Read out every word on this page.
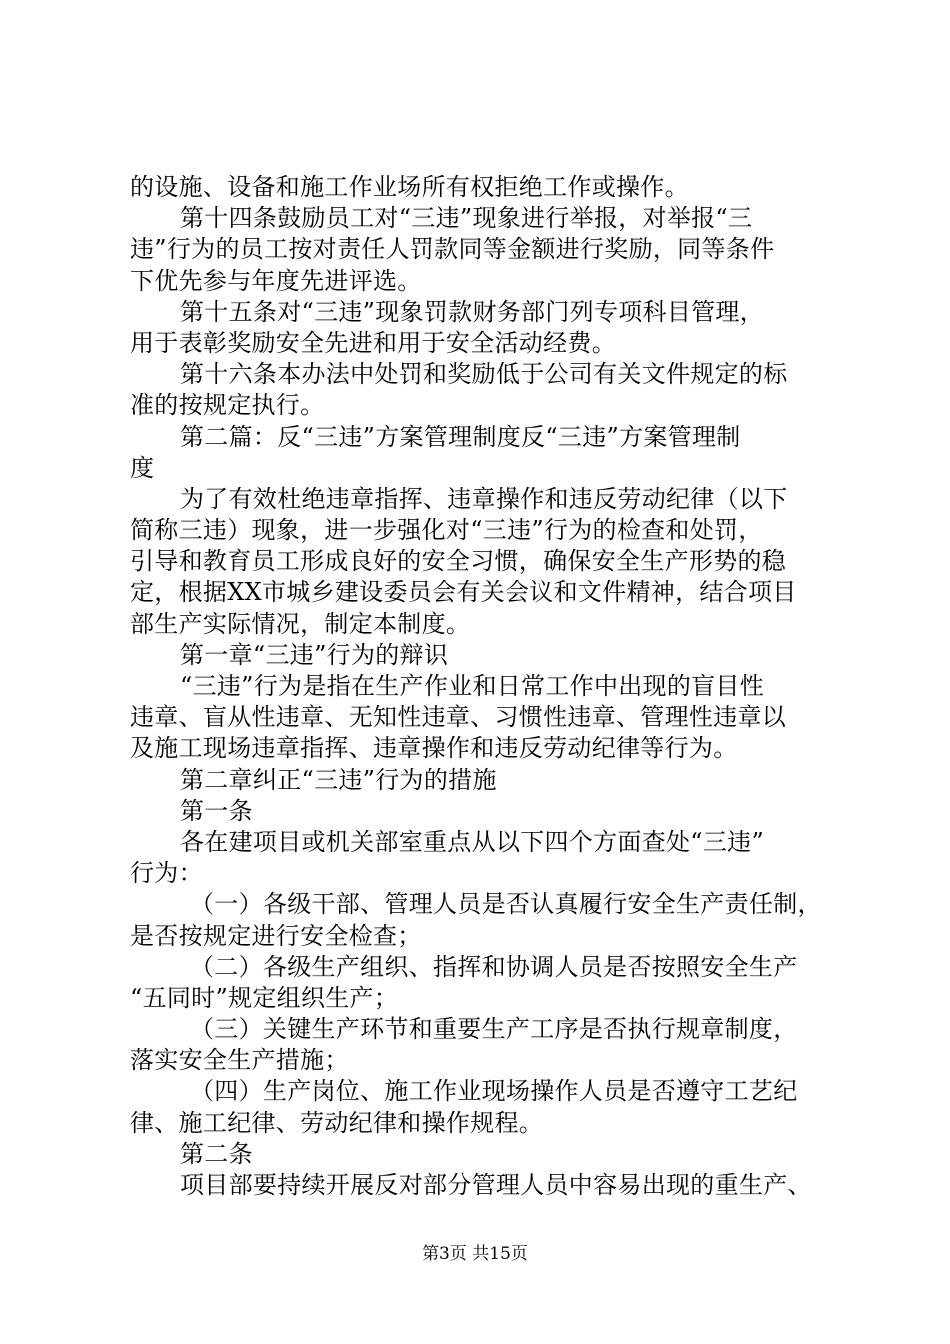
的设施、设备和施工作业场所有权拒绝工作或操作。
第十四条鼓励员工对“三违”现象进行举报，对举报“三
违”行为的员工按对责任人罚款同等金额进行奖励，同等条件
下优先参与年度先进评选。
第十五条对“三违”现象罚款财务部门列专项科目管理，
用于表彰奖励安全先进和用于安全活动经费。
第十六条本办法中处罚和奖励低于公司有关文件规定的标
准的按规定执行。
第二篇：反“三违”方案管理制度反“三违”方案管理制
度
为了有效杜绝违章指挥、违章操作和违反劳动纪律（以下
简称三违）现象，进一步强化对“三违”行为的检查和处罚，
引导和教育员工形成良好的安全习惯，确保安全生产形势的稳
定，根据XX市城乡建设委员会有关会议和文件精神，结合项目
部生产实际情况，制定本制度。
第一章“三违”行为的辩识
“三违”行为是指在生产作业和日常工作中出现的盲目性
违章、盲从性违章、无知性违章、习惯性违章、管理性违章以
及施工现场违章指挥、违章操作和违反劳动纪律等行为。
第二章纠正“三违”行为的措施
第一条
各在建项目或机关部室重点从以下四个方面查处“三违”
行为：
（一）各级干部、管理人员是否认真履行安全生产责任制，
是否按规定进行安全检查；
（二）各级生产组织、指挥和协调人员是否按照安全生产
“五同时”规定组织生产；
（三）关键生产环节和重要生产工序是否执行规章制度，
落实安全生产措施；
（四）生产岗位、施工作业现场操作人员是否遵守工艺纪
律、施工纪律、劳动纪律和操作规程。
第二条
项目部要持续开展反对部分管理人员中容易出现的重生产、
第3页 共15页
